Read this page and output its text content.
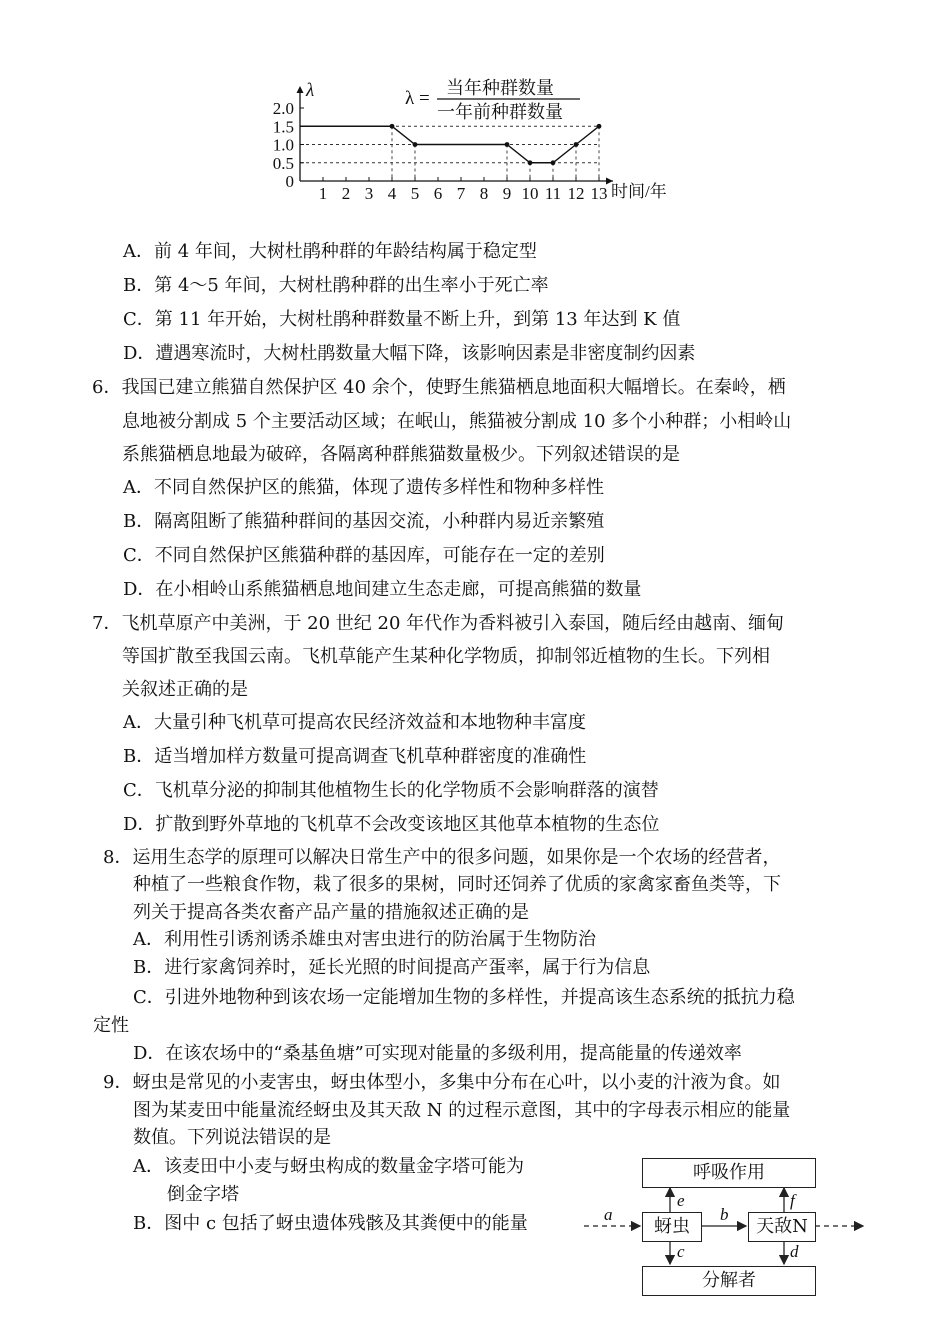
0
0.5
1.0
1.5
2.0
1 2 3 4 5 6 7 8 9 10 11 12 13
λ
时间/年
λ = 当年种群数量
一年前种群数量
A．前 4 年间，大树杜鹃种群的年龄结构属于稳定型
B．第 4～5 年间，大树杜鹃种群的出生率小于死亡率
C．第 11 年开始，大树杜鹃种群数量不断上升，到第 13 年达到 K 值
D．遭遇寒流时，大树杜鹃数量大幅下降，该影响因素是非密度制约因素
6．我国已建立熊猫自然保护区 40 余个，使野生熊猫栖息地面积大幅增长。在秦岭，栖
息地被分割成 5 个主要活动区域；在岷山，熊猫被分割成 10 多个小种群；小相岭山
系熊猫栖息地最为破碎，各隔离种群熊猫数量极少。下列叙述错误的是
A．不同自然保护区的熊猫，体现了遗传多样性和物种多样性
B．隔离阻断了熊猫种群间的基因交流，小种群内易近亲繁殖
C．不同自然保护区熊猫种群的基因库，可能存在一定的差别
D．在小相岭山系熊猫栖息地间建立生态走廊，可提高熊猫的数量
7．飞机草原产中美洲，于 20 世纪 20 年代作为香料被引入泰国，随后经由越南、缅甸
等国扩散至我国云南。飞机草能产生某种化学物质，抑制邻近植物的生长。下列相
关叙述正确的是
A．大量引种飞机草可提高农民经济效益和本地物种丰富度
B．适当增加样方数量可提高调查飞机草种群密度的准确性
C．飞机草分泌的抑制其他植物生长的化学物质不会影响群落的演替
D．扩散到野外草地的飞机草不会改变该地区其他草本植物的生态位
8．运用生态学的原理可以解决日常生产中的很多问题，如果你是一个农场的经营者，
种植了一些粮食作物，栽了很多的果树，同时还饲养了优质的家禽家畜鱼类等，下
列关于提高各类农畜产品产量的措施叙述正确的是
A．利用性引诱剂诱杀雄虫对害虫进行的防治属于生物防治
B．进行家禽饲养时，延长光照的时间提高产蛋率，属于行为信息
C．引进外地物种到该农场一定能增加生物的多样性，并提高该生态系统的抵抗力稳
定性
D．在该农场中的“桑基鱼塘”可实现对能量的多级利用，提高能量的传递效率
9．蚜虫是常见的小麦害虫，蚜虫体型小，多集中分布在心叶，以小麦的汁液为食。如
图为某麦田中能量流经蚜虫及其天敌 N 的过程示意图，其中的字母表示相应的能量
数值。下列说法错误的是
A．该麦田中小麦与蚜虫构成的数量金字塔可能为
倒金字塔
B．图中 c 包括了蚜虫遗体残骸及其粪便中的能量	a	b
e	f
c	d
呼吸作用
蚜虫	天敌N
分解者
